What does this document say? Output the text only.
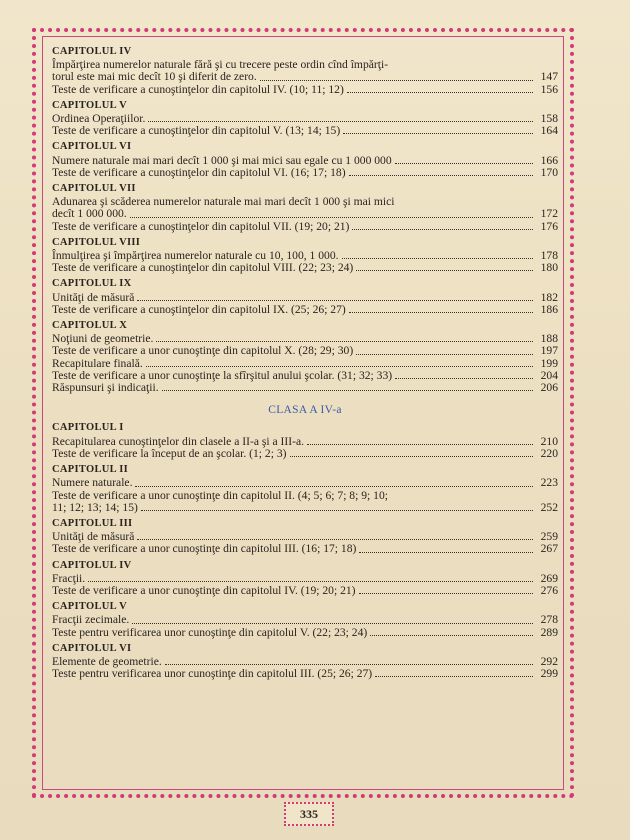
CAPITOLUL IV
Împărţirea numerelor naturale fără şi cu trecere peste ordin cînd împărţi-
torul este mai mic decît 10 şi diferit de zero.	147
Teste de verificare a cunoştinţelor din capitolul IV. (10; 11; 12)	156
CAPITOLUL V
Ordinea Operaţiilor.	158
Teste de verificare a cunoştinţelor din capitolul V. (13; 14; 15)	164
CAPITOLUL VI
Numere naturale mai mari decît 1 000 şi mai mici sau egale cu 1 000 000	166
Teste de verificare a cunoştinţelor din capitolul VI. (16; 17; 18)	170
CAPITOLUL VII
Adunarea şi scăderea numerelor naturale mai mari decît 1 000 şi mai mici
decît 1 000 000.	172
Teste de verificare a cunoştinţelor din capitolul VII. (19; 20; 21)	176
CAPITOLUL VIII
Înmulţirea şi împărţirea numerelor naturale cu 10, 100, 1 000.	178
Teste de verificare a cunoştinţelor din capitolul VIII. (22; 23; 24)	180
CAPITOLUL IX
Unităţi de măsură	182
Teste de verificare a cunoştinţelor din capitolul IX. (25; 26; 27)	186
CAPITOLUL X
Noţiuni de geometrie.	188
Teste de verificare a unor cunoştinţe din capitolul X. (28; 29; 30)	197
Recapitulare finală.	199
Teste de verificare a unor cunoştinţe la sfîrşitul anului şcolar. (31; 32; 33)	204
Răspunsuri şi indicaţii.	206
CLASA A IV-a
CAPITOLUL I
Recapitularea cunoştinţelor din clasele a II-a şi a III-a.	210
Teste de verificare la început de an şcolar. (1; 2; 3)	220
CAPITOLUL II
Numere naturale.	223
Teste de verificare a unor cunoştinţe din capitolul II. (4; 5; 6; 7; 8; 9; 10;
11; 12; 13; 14; 15)	252
CAPITOLUL III
Unităţi de măsură	259
Teste de verificare a unor cunoştinţe din capitolul III. (16; 17; 18)	267
CAPITOLUL IV
Fracţii.	269
Teste de verificare a unor cunoştinţe din capitolul IV. (19; 20; 21)	276
CAPITOLUL V
Fracţii zecimale.	278
Teste pentru verificarea unor cunoştinţe din capitolul V. (22; 23; 24)	289
CAPITOLUL VI
Elemente de geometrie.	292
Teste pentru verificarea unor cunoştinţe din capitolul III. (25; 26; 27)	299
335
